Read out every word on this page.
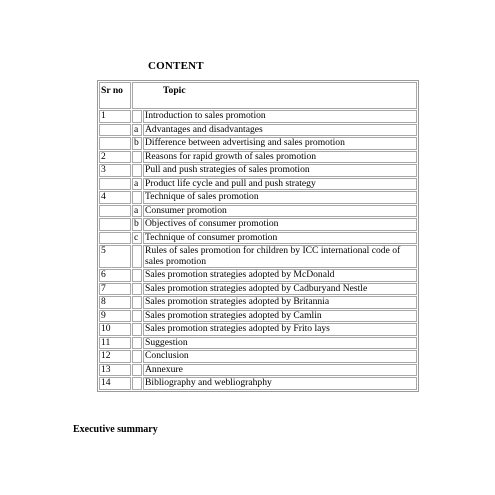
CONTENT
Sr no	Topic	
1		Introduction to sales promotion
	a	Advantages and disadvantages
	b	Difference between advertising and sales promotion
2		Reasons for rapid growth of sales promotion
3		Pull and push strategies of sales promotion
	a	Product life cycle and pull and push strategy
4		Technique of sales promotion
	a	Consumer promotion
	b	Objectives of consumer promotion
	c	Technique of consumer promotion
5		Rules of sales promotion for children by ICC international code of sales promotion
6		Sales promotion strategies adopted by McDonald
7		Sales promotion strategies adopted by Cadburyand Nestle
8		Sales promotion strategies adopted by Britannia
9		Sales promotion strategies adopted by Camlin
10		Sales promotion strategies adopted by Frito lays
11		Suggestion
12		Conclusion
13		Annexure
14		Bibliography and webliograhphy
Executive summary
